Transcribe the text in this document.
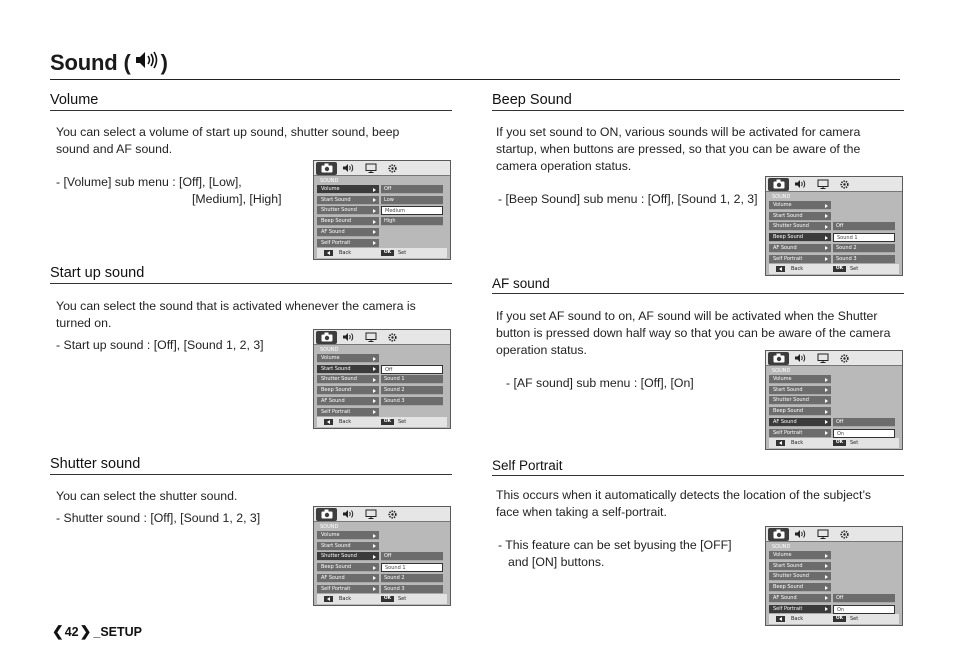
Sound ( )
Volume
You can select a volume of start up sound, shutter sound, beep
sound and AF sound.
- [Volume] sub menu : [Off], [Low],
[Medium], [High]
SOUND
Volume
Start Sound
Shutter Sound
Beep Sound
AF Sound
Self Portrait
Off
Low
Medium
High
Back	OK	Set
Start up sound
You can select the sound that is activated whenever the camera is
turned on.
- Start up sound : [Off], [Sound 1, 2, 3]	SOUND
Volume
Start Sound
Shutter Sound
Beep Sound
AF Sound
Self Portrait
Off
Sound 1
Sound 2
Sound 3
Back	OK	Set
Shutter sound
You can select the shutter sound.
- Shutter sound : [Off], [Sound 1, 2, 3]
SOUND
Volume
Start Sound
Shutter Sound
Beep Sound
AF Sound
Self Portrait
Off
Sound 1
Sound 2
Sound 3
Back	OK	Set
Beep Sound
If you set sound to ON, various sounds will be activated for camera
startup, when buttons are pressed, so that you can be aware of the
camera operation status.
- [Beep Sound] sub menu : [Off], [Sound 1, 2, 3]	SOUND
Volume
Start Sound
Shutter Sound
Beep Sound
AF Sound
Self Portrait
Off
Sound 1
Sound 2
Sound 3
Back	OK	Set
AF sound
If you set AF sound to on, AF sound will be activated when the Shutter
button is pressed down half way so that you can be aware of the camera
operation status.
- [AF sound] sub menu : [Off], [On]
SOUND
Volume
Start Sound
Shutter Sound
Beep Sound
AF Sound
Self Portrait
Off
On
Back	OK	Set
Self Portrait
This occurs when it automatically detects the location of the subject’s
face when taking a self-portrait.
- This feature can be set byusing the [OFF]
and [ON] buttons.
SOUND
Volume
Start Sound
Shutter Sound
Beep Sound
AF Sound
Self Portrait
Off
On
Back	OK	Set
❮ 42 ❯ _SETUP
